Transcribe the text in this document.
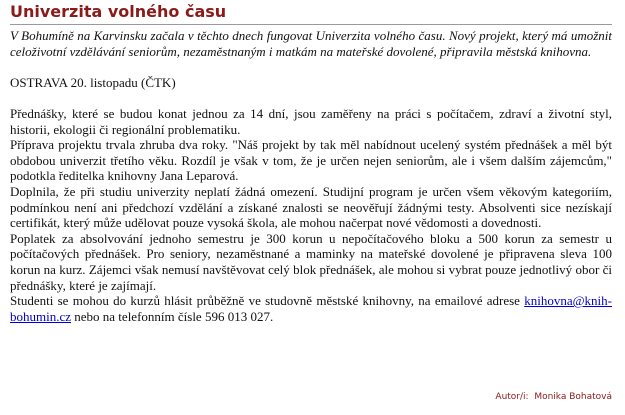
Univerzita volného času

V Bohumíně na Karvinsku začala v těchto dnech fungovat Univerzita volného času. Nový projekt, který má umožnit celoživotní vzdělávání seniorům, nezaměstnaným i matkám na mateřské dovolené, připravila městská knihovna.

OSTRAVA 20. listopadu (ČTK)

Přednášky, které se budou konat jednou za 14 dní, jsou zaměřeny na práci s počítačem, zdraví a životní styl, historii, ekologii či regionální problematiku.

Příprava projektu trvala zhruba dva roky. "Náš projekt by tak měl nabídnout ucelený systém přednášek a měl být obdobou univerzit třetího věku. Rozdíl je však v tom, že je určen nejen seniorům, ale i všem dalším zájemcům," podotkla ředitelka knihovny Jana Leparová.

Doplnila, že při studiu univerzity neplatí žádná omezení. Studijní program je určen všem věkovým kategoriím, podmínkou není ani předchozí vzdělání a získané znalosti se neověřují žádnými testy. Absolventi sice nezískají certifikát, který může udělovat pouze vysoká škola, ale mohou načerpat nové vědomosti a dovednosti.

Poplatek za absolvování jednoho semestru je 300 korun u nepočítačového bloku a 500 korun za semestr u počítačových přednášek. Pro seniory, nezaměstnané a maminky na mateřské dovolené je připravena sleva 100 korun na kurz. Zájemci však nemusí navštěvovat celý blok přednášek, ale mohou si vybrat pouze jednotlivý obor či přednášky, které je zajímají.

Studenti se mohou do kurzů hlásit průběžně ve studovně městské knihovny, na emailové adrese knihovna@knih-bohumin.cz nebo na telefonním čísle 596 013 027.

Autor/i: Monika Bohatová
